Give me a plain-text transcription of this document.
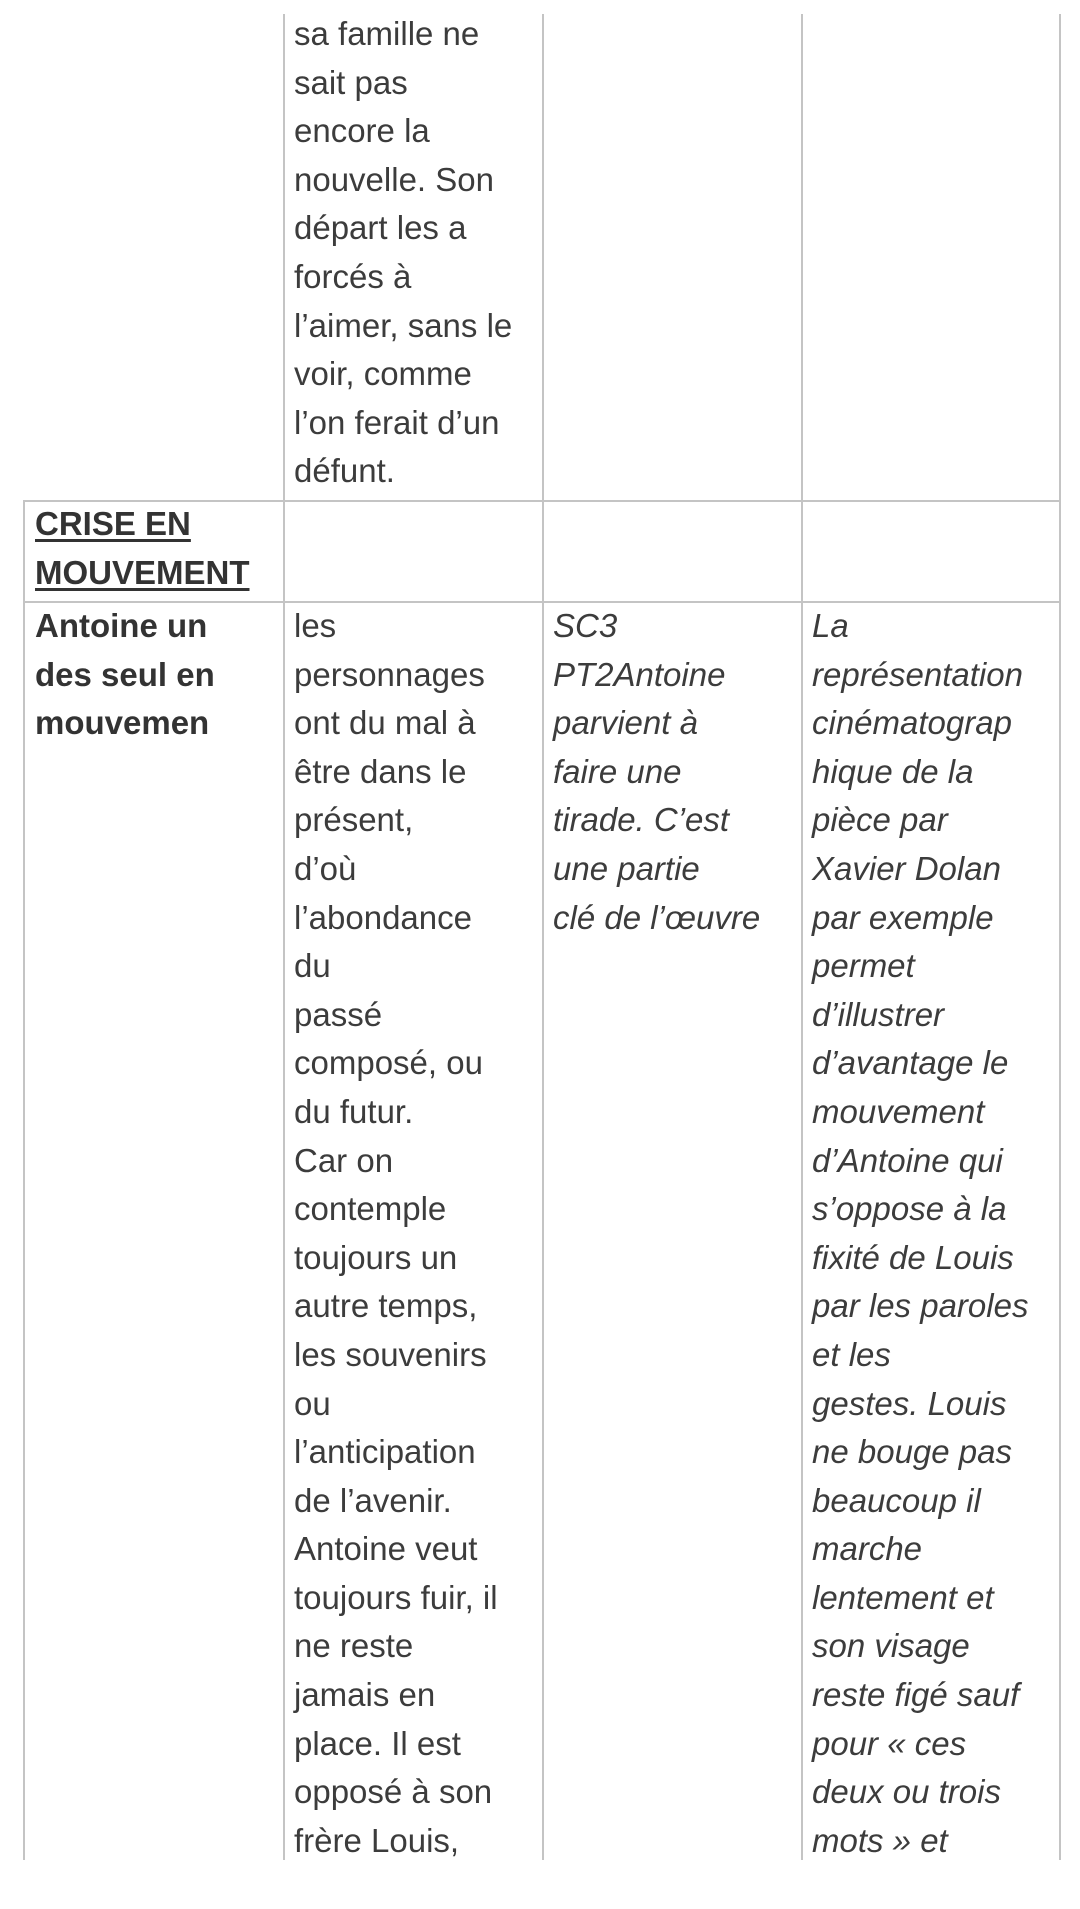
sa famille ne
sait pas
encore la
nouvelle. Son
départ les a
forcés à
l’aimer, sans le
voir, comme
l’on ferait d’un
défunt.

CRISE EN
MOUVEMENT

Antoine un
des seul en
mouvemen

les
personnages
ont du mal à
être dans le
présent,
d’où
l’abondance
du
passé
composé, ou
du futur.
Car on
contemple
toujours un
autre temps,
les souvenirs
ou
l’anticipation
de l’avenir.
Antoine veut
toujours fuir, il
ne reste
jamais en
place. Il est
opposé à son
frère Louis,

SC3
PT2Antoine
parvient à
faire une
tirade. C’est
une partie
clé de l’œuvre

La
représentation
cinématograp
hique de la
pièce par
Xavier Dolan
par exemple
permet
d’illustrer
d’avantage le
mouvement
d’Antoine qui
s’oppose à la
fixité de Louis
par les paroles
et les
gestes. Louis
ne bouge pas
beaucoup il
marche
lentement et
son visage
reste figé sauf
pour « ces
deux ou trois
mots » et
